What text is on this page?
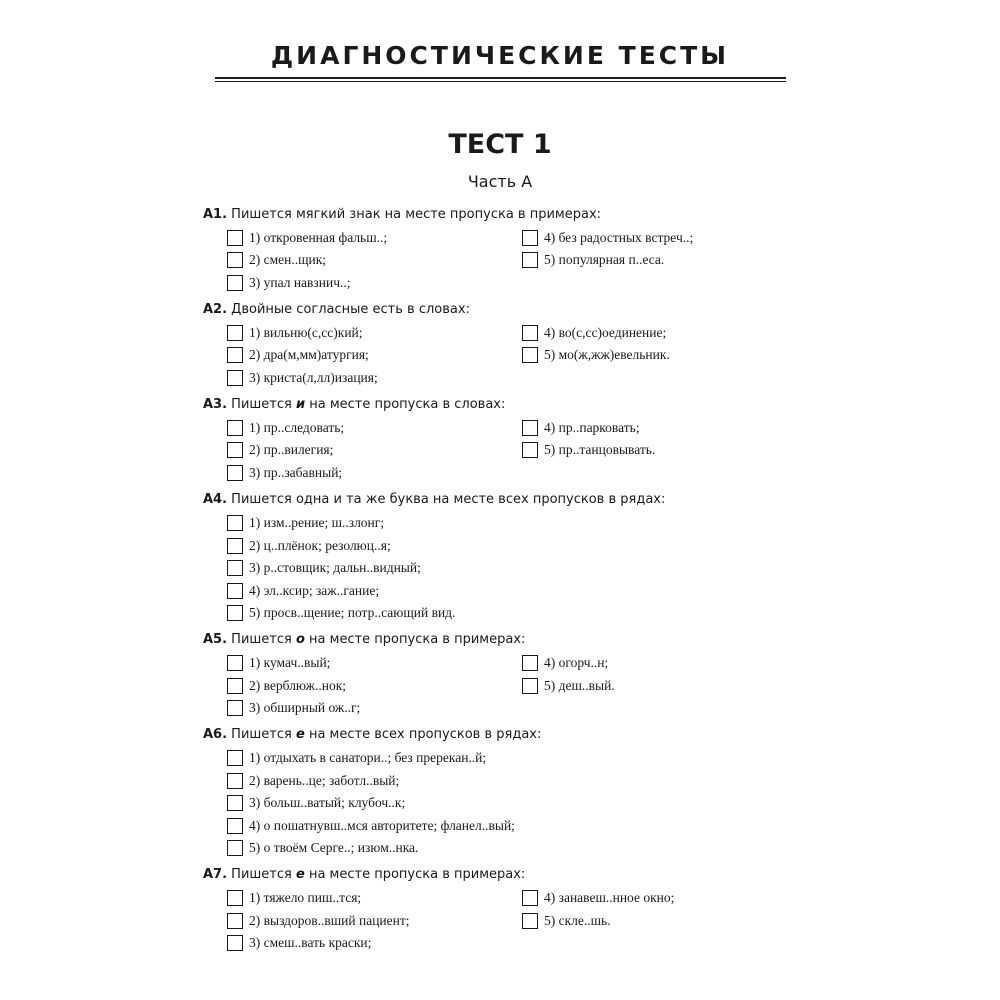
ДИАГНОСТИЧЕСКИЕ ТЕСТЫ
ТЕСТ 1
Часть А
А1. Пишется мягкий знак на месте пропуска в примерах:
1) откровенная фальш..;
2) смен..щик;
3) упал навзнич..;
4) без радостных встреч..;
5) популярная п..еса.
А2. Двойные согласные есть в словах:
1) вильню(с,сс)кий;
2) дра(м,мм)атургия;
3) криста(л,лл)изация;
4) во(с,сс)оединение;
5) мо(ж,жж)евельник.
А3. Пишется и на месте пропуска в словах:
1) пр..следовать;
2) пр..вилегия;
3) пр..забавный;
4) пр..парковать;
5) пр..танцовывать.
А4. Пишется одна и та же буква на месте всех пропусков в рядах:
1) изм..рение; ш..злонг;
2) ц..плёнок; резолюц..я;
3) р..стовщик; дальн..видный;
4) эл..ксир; заж..гание;
5) просв..щение; потр..сающий вид.
А5. Пишется о на месте пропуска в примерах:
1) кумач..вый;
2) верблюж..нок;
3) обширный ож..г;
4) огорч..н;
5) деш..вый.
А6. Пишется е на месте всех пропусков в рядах:
1) отдыхать в санатори..; без пререкан..й;
2) варень..це; заботл..вый;
3) больш..ватый; клубоч..к;
4) о пошатнувш..мся авторитете; фланел..вый;
5) о твоём Серге..; изюм..нка.
А7. Пишется е на месте пропуска в примерах:
1) тяжело пиш..тся;
2) выздоров..вший пациент;
3) смеш..вать краски;
4) занавеш..нное окно;
5) скле..шь.
